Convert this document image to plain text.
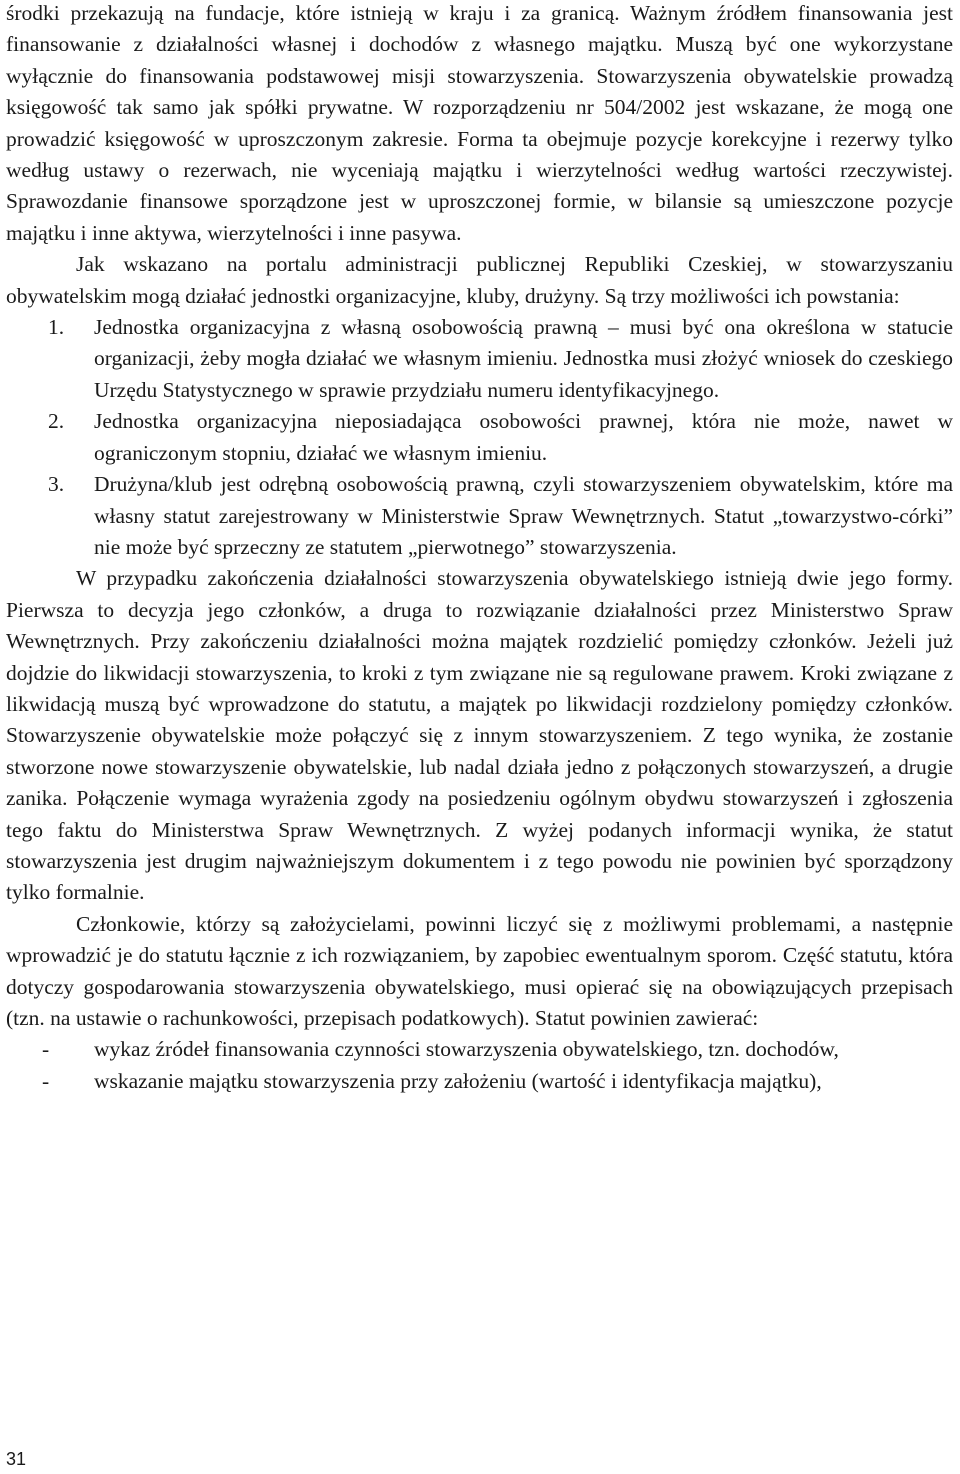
środki przekazują na fundacje, które istnieją w kraju i za granicą. Ważnym źródłem finansowania jest finansowanie z działalności własnej i dochodów z własnego majątku. Muszą być one wykorzystane wyłącznie do finansowania podstawowej misji stowarzyszenia. Stowarzyszenia obywatelskie prowadzą księgowość tak samo jak spółki prywatne. W rozporządzeniu nr 504/2002 jest wskazane, że mogą one prowadzić księgowość w uproszczonym zakresie. Forma ta obejmuje pozycje korekcyjne i rezerwy tylko według ustawy o rezerwach, nie wyceniają majątku i wierzytelności według wartości rzeczywistej. Sprawozdanie finansowe sporządzone jest w uproszczonej formie, w bilansie są umieszczone pozycje majątku i inne aktywa, wierzytelności i inne pasywa.

Jak wskazano na portalu administracji publicznej Republiki Czeskiej, w stowarzyszaniu obywatelskim mogą działać jednostki organizacyjne, kluby, drużyny. Są trzy możliwości ich powstania:

1. Jednostka organizacyjna z własną osobowością prawną – musi być ona określona w statucie organizacji, żeby mogła działać we własnym imieniu. Jednostka musi złożyć wniosek do czeskiego Urzędu Statystycznego w sprawie przydziału numeru identyfikacyjnego.
2. Jednostka organizacyjna nieposiadająca osobowości prawnej, która nie może, nawet w ograniczonym stopniu, działać we własnym imieniu.
3. Drużyna/klub jest odrębną osobowością prawną, czyli stowarzyszeniem obywatelskim, które ma własny statut zarejestrowany w Ministerstwie Spraw Wewnętrznych. Statut „towarzystwo-córki” nie może być sprzeczny ze statutem „pierwotnego” stowarzyszenia.

W przypadku zakończenia działalności stowarzyszenia obywatelskiego istnieją dwie jego formy. Pierwsza to decyzja jego członków, a druga to rozwiązanie działalności przez Ministerstwo Spraw Wewnętrznych. Przy zakończeniu działalności można majątek rozdzielić pomiędzy członków. Jeżeli już dojdzie do likwidacji stowarzyszenia, to kroki z tym związane nie są regulowane prawem. Kroki związane z likwidacją muszą być wprowadzone do statutu, a majątek po likwidacji rozdzielony pomiędzy członków. Stowarzyszenie obywatelskie może połączyć się z innym stowarzyszeniem. Z tego wynika, że zostanie stworzone nowe stowarzyszenie obywatelskie, lub nadal działa jedno z połączonych stowarzyszeń, a drugie zanika. Połączenie wymaga wyrażenia zgody na posiedzeniu ogólnym obydwu stowarzyszeń i zgłoszenia tego faktu do Ministerstwa Spraw Wewnętrznych. Z wyżej podanych informacji wynika, że statut stowarzyszenia jest drugim najważniejszym dokumentem i z tego powodu nie powinien być sporządzony tylko formalnie.

Członkowie, którzy są założycielami, powinni liczyć się z możliwymi problemami, a następnie wprowadzić je do statutu łącznie z ich rozwiązaniem, by zapobiec ewentualnym sporom. Część statutu, która dotyczy gospodarowania stowarzyszenia obywatelskiego, musi opierać się na obowiązujących przepisach (tzn. na ustawie o rachunkowości, przepisach podatkowych). Statut powinien zawierać:

- wykaz źródeł finansowania czynności stowarzyszenia obywatelskiego, tzn. dochodów,
- wskazanie majątku stowarzyszenia przy założeniu (wartość i identyfikacja majątku),
31
